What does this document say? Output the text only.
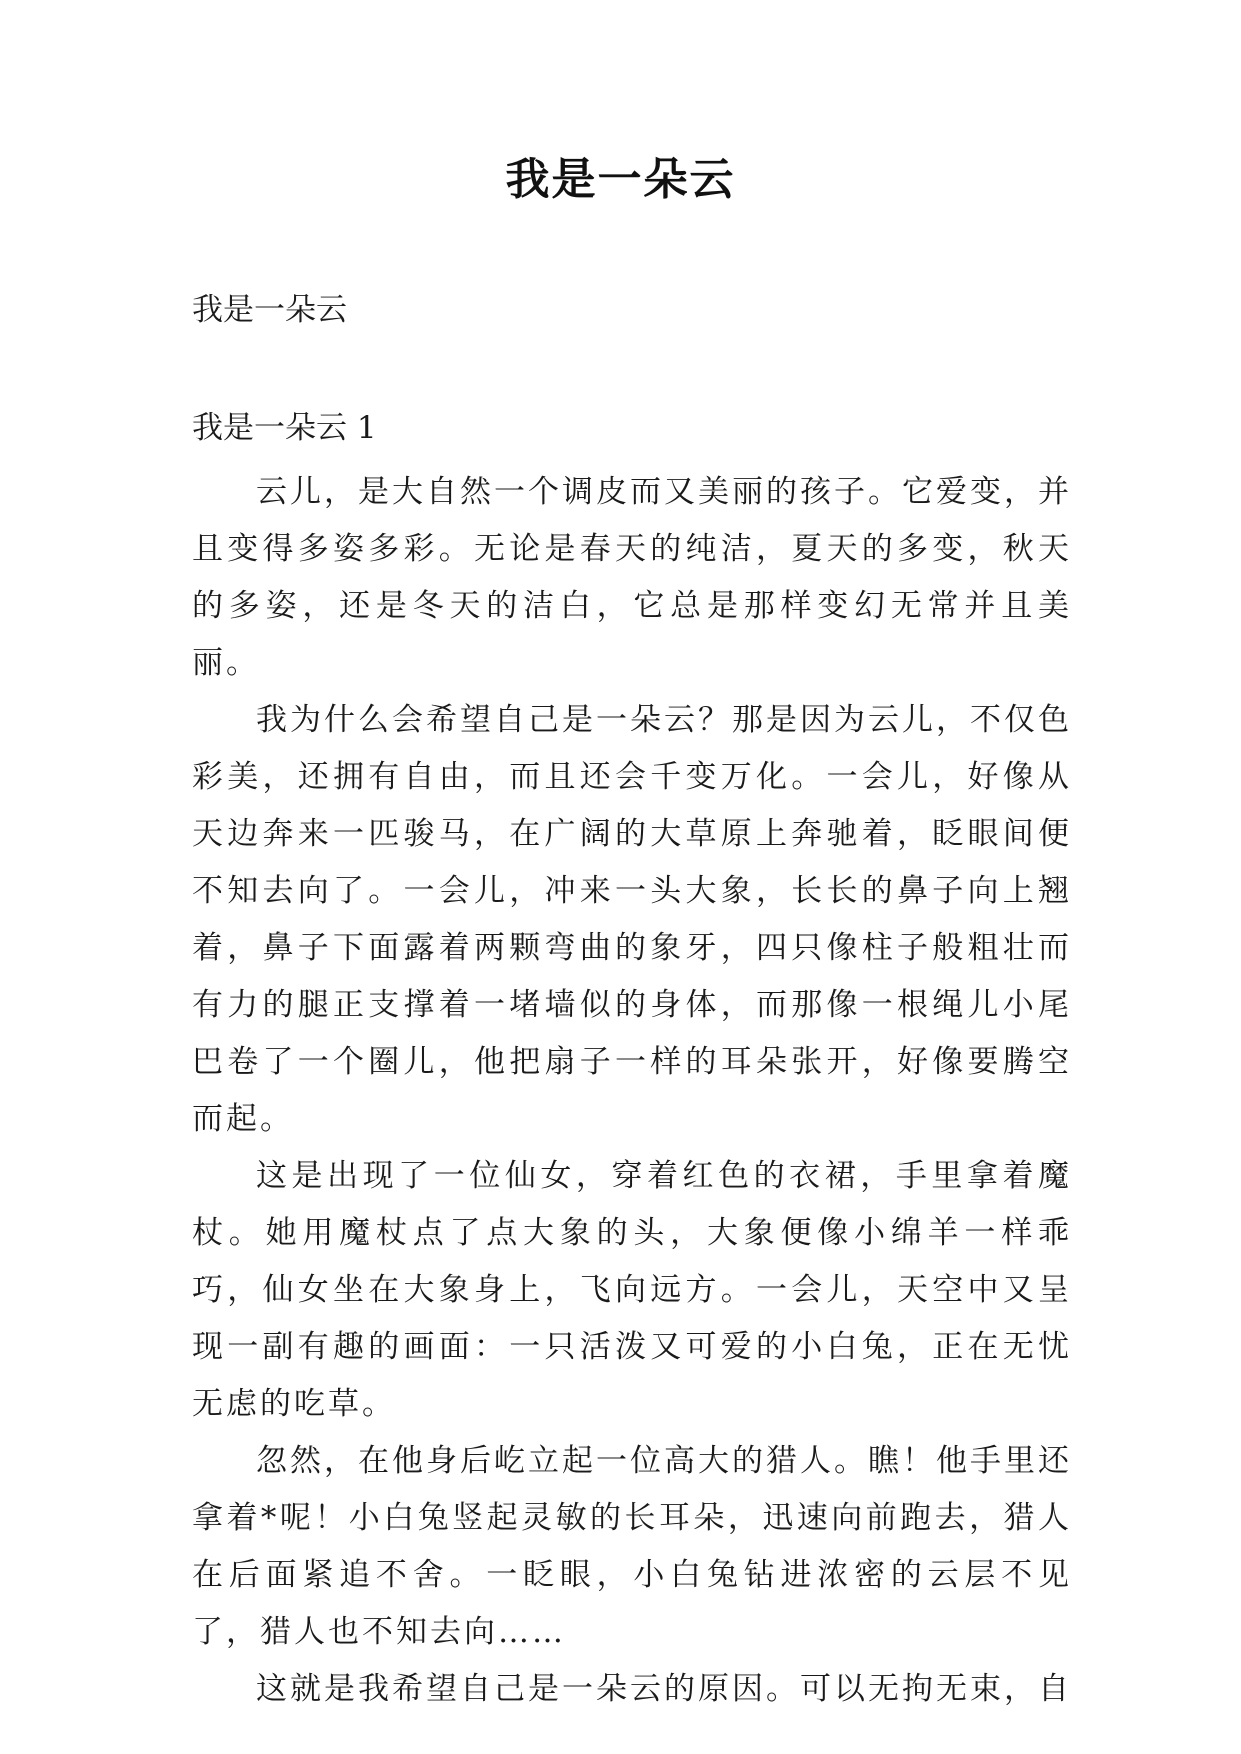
我是一朵云
我是一朵云
我是一朵云 1

云儿，是大自然一个调皮而又美丽的孩子。它爱变，并且变得多姿多彩。无论是春天的纯洁，夏天的多变，秋天的多姿，还是冬天的洁白，它总是那样变幻无常并且美丽。

我为什么会希望自己是一朵云？那是因为云儿，不仅色彩美，还拥有自由，而且还会千变万化。一会儿，好像从天边奔来一匹骏马，在广阔的大草原上奔驰着，眨眼间便不知去向了。一会儿，冲来一头大象，长长的鼻子向上翘着，鼻子下面露着两颗弯曲的象牙，四只像柱子般粗壮而有力的腿正支撑着一堵墙似的身体，而那像一根绳儿小尾巴卷了一个圈儿，他把扇子一样的耳朵张开，好像要腾空而起。

这是出现了一位仙女，穿着红色的衣裙，手里拿着魔杖。她用魔杖点了点大象的头，大象便像小绵羊一样乖巧，仙女坐在大象身上，飞向远方。一会儿，天空中又呈现一副有趣的画面：一只活泼又可爱的小白兔，正在无忧无虑的吃草。

忽然，在他身后屹立起一位高大的猎人。瞧！他手里还拿着*呢！小白兔竖起灵敏的长耳朵，迅速向前跑去，猎人在后面紧追不舍。一眨眼，小白兔钻进浓密的云层不见了，猎人也不知去向……

这就是我希望自己是一朵云的原因。可以无拘无束，自
